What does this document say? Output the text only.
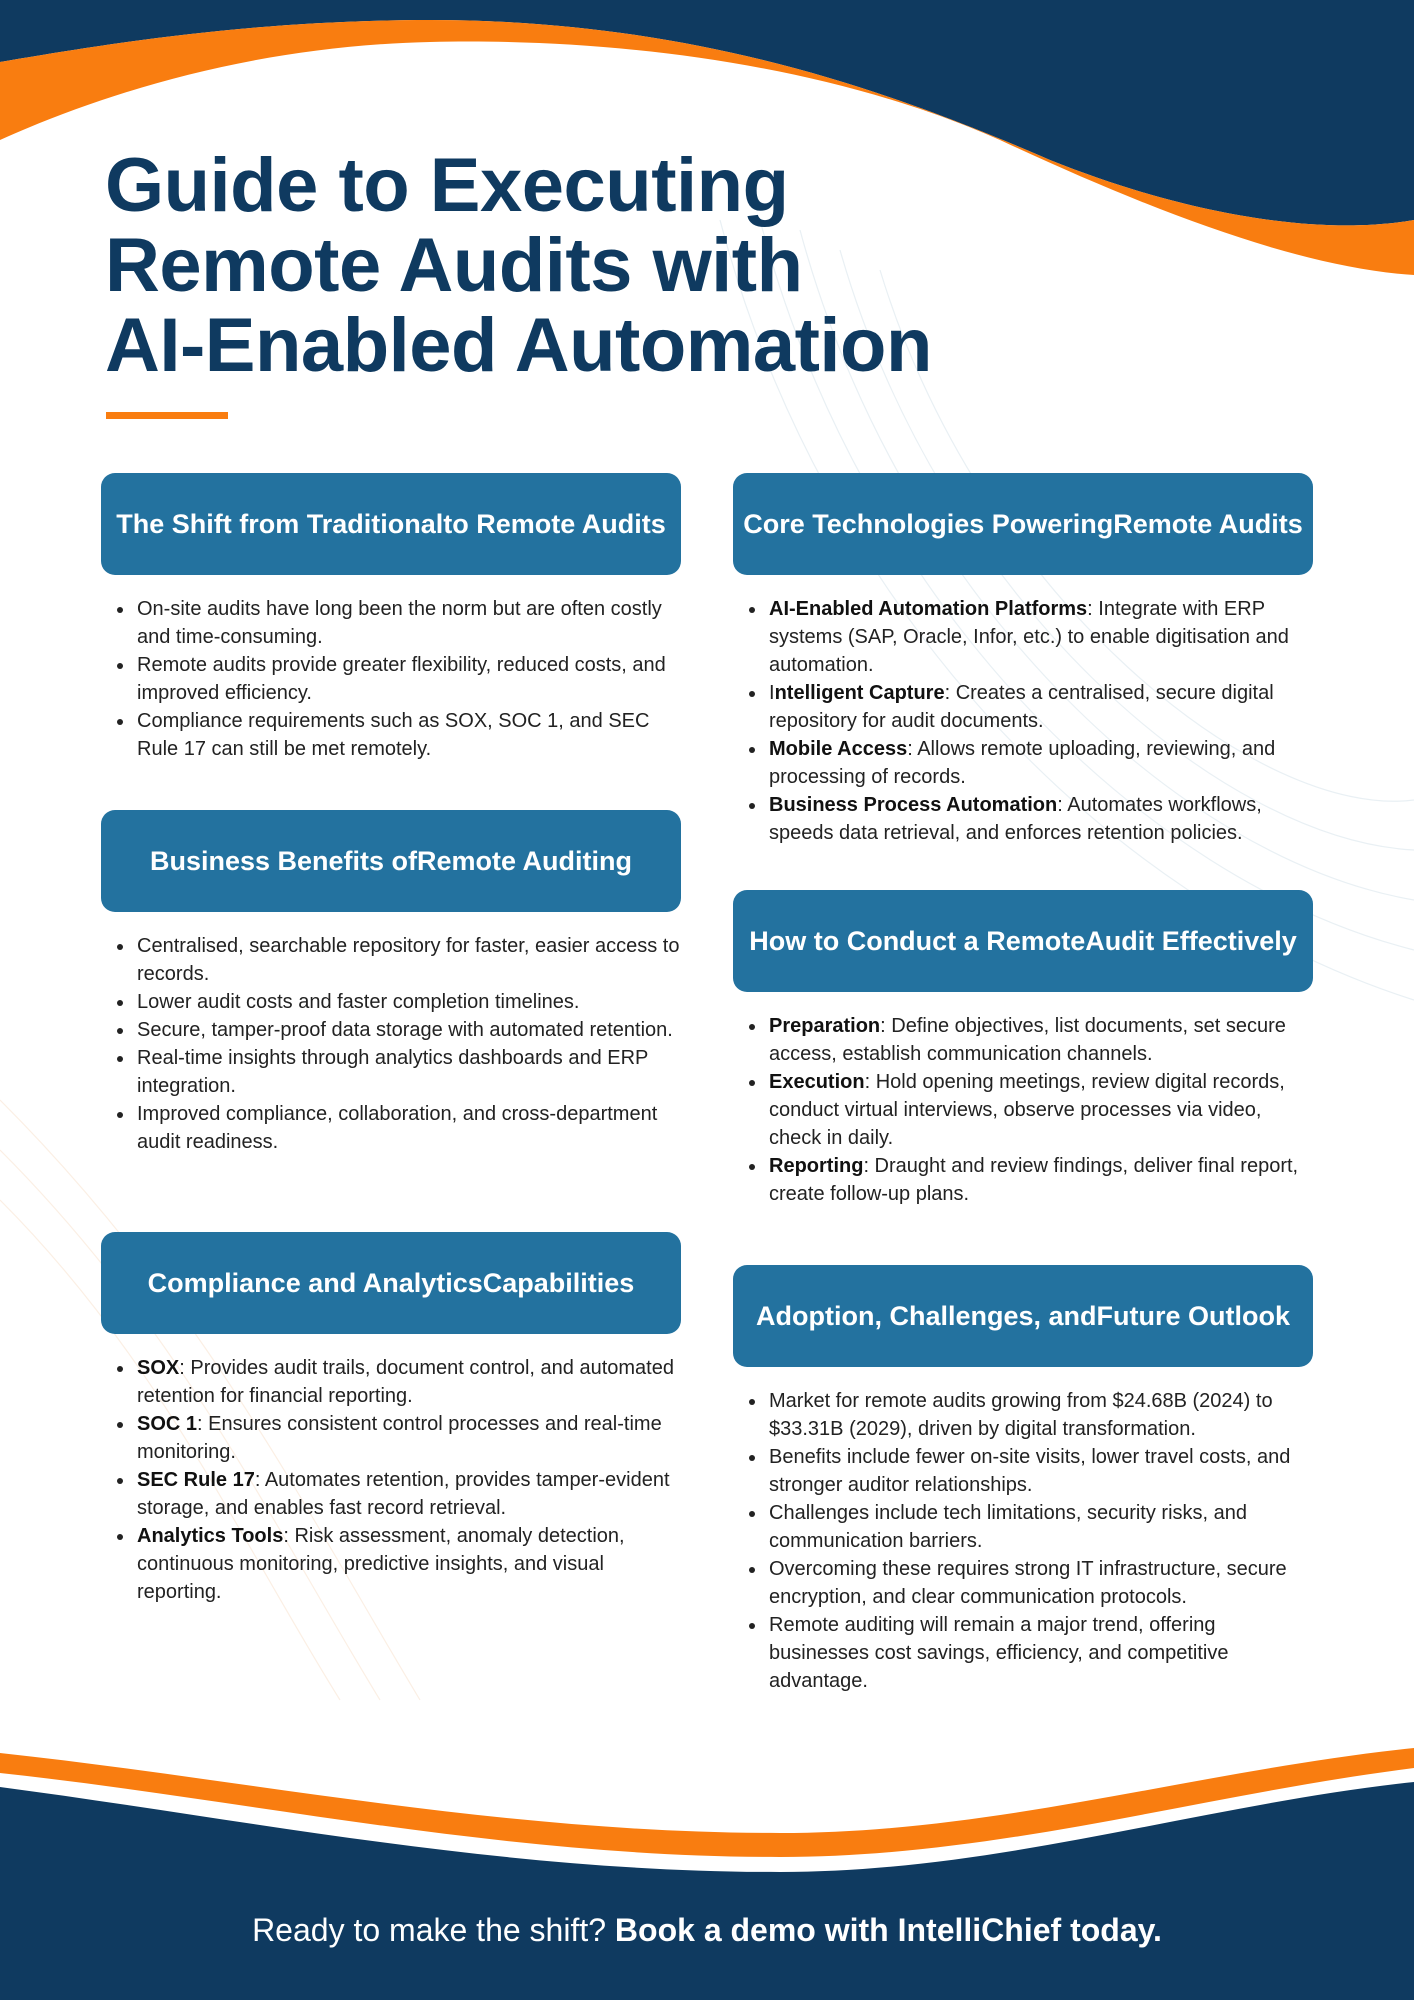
Guide to Executing
Remote Audits with
AI-Enabled Automation
The Shift from Traditional to Remote Audits
• On-site audits have long been the norm but are often costly and time-consuming.
• Remote audits provide greater flexibility, reduced costs, and improved efficiency.
• Compliance requirements such as SOX, SOC 1, and SEC Rule 17 can still be met remotely.
Business Benefits of Remote Auditing
• Centralised, searchable repository for faster, easier access to records.
• Lower audit costs and faster completion timelines.
• Secure, tamper-proof data storage with automated retention.
• Real-time insights through analytics dashboards and ERP integration.
• Improved compliance, collaboration, and cross-department audit readiness.
Compliance and Analytics Capabilities
• SOX: Provides audit trails, document control, and automated retention for financial reporting.
• SOC 1: Ensures consistent control processes and real-time monitoring.
• SEC Rule 17: Automates retention, provides tamper-evident storage, and enables fast record retrieval.
• Analytics Tools: Risk assessment, anomaly detection, continuous monitoring, predictive insights, and visual reporting.
Core Technologies Powering Remote Audits
• AI-Enabled Automation Platforms: Integrate with ERP systems (SAP, Oracle, Infor, etc.) to enable digitisation and automation.
• Intelligent Capture: Creates a centralised, secure digital repository for audit documents.
• Mobile Access: Allows remote uploading, reviewing, and processing of records.
• Business Process Automation: Automates workflows, speeds data retrieval, and enforces retention policies.
How to Conduct a Remote Audit Effectively
• Preparation: Define objectives, list documents, set secure access, establish communication channels.
• Execution: Hold opening meetings, review digital records, conduct virtual interviews, observe processes via video, check in daily.
• Reporting: Draught and review findings, deliver final report, create follow-up plans.
Adoption, Challenges, and Future Outlook
• Market for remote audits growing from $24.68B (2024) to $33.31B (2029), driven by digital transformation.
• Benefits include fewer on-site visits, lower travel costs, and stronger auditor relationships.
• Challenges include tech limitations, security risks, and communication barriers.
• Overcoming these requires strong IT infrastructure, secure encryption, and clear communication protocols.
• Remote auditing will remain a major trend, offering businesses cost savings, efficiency, and competitive advantage.
Ready to make the shift? Book a demo with IntelliChief today.
